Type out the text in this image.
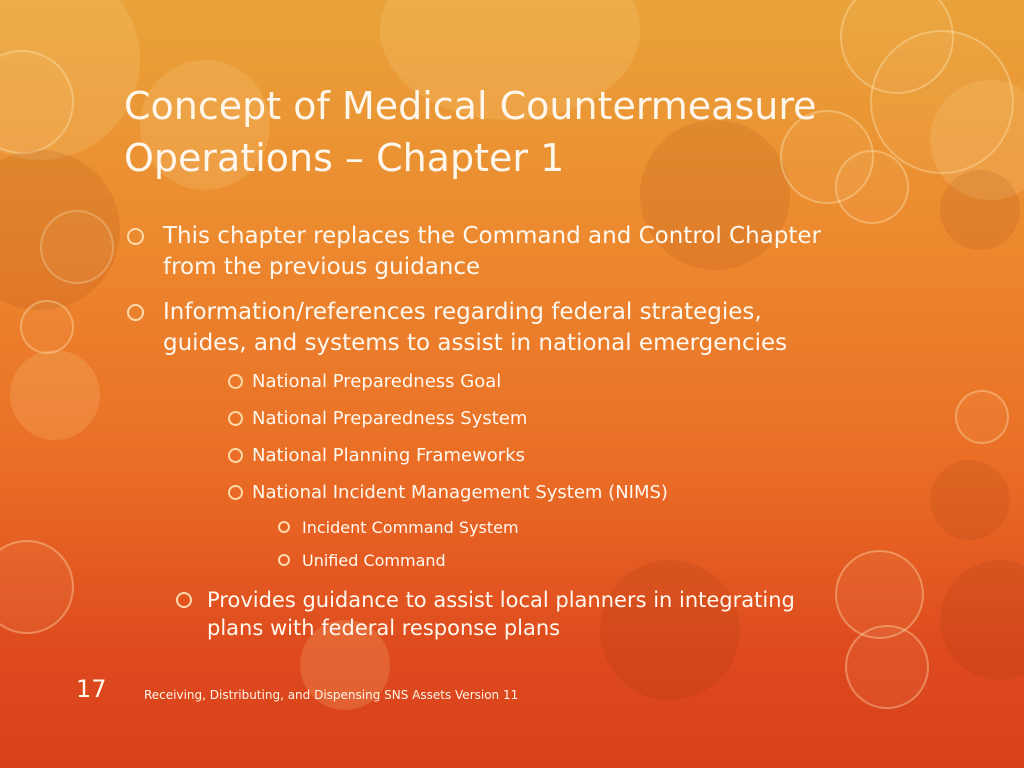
Concept of Medical Countermeasure
Operations – Chapter 1
This chapter replaces the Command and Control Chapter
from the previous guidance
Information/references regarding federal strategies,
guides, and systems to assist in national emergencies
National Preparedness Goal
National Preparedness System
National Planning Frameworks
National Incident Management System (NIMS)
Incident Command System
Unified Command
Provides guidance to assist local planners in integrating
plans with federal response plans
17	Receiving, Distributing, and Dispensing SNS Assets Version 11
